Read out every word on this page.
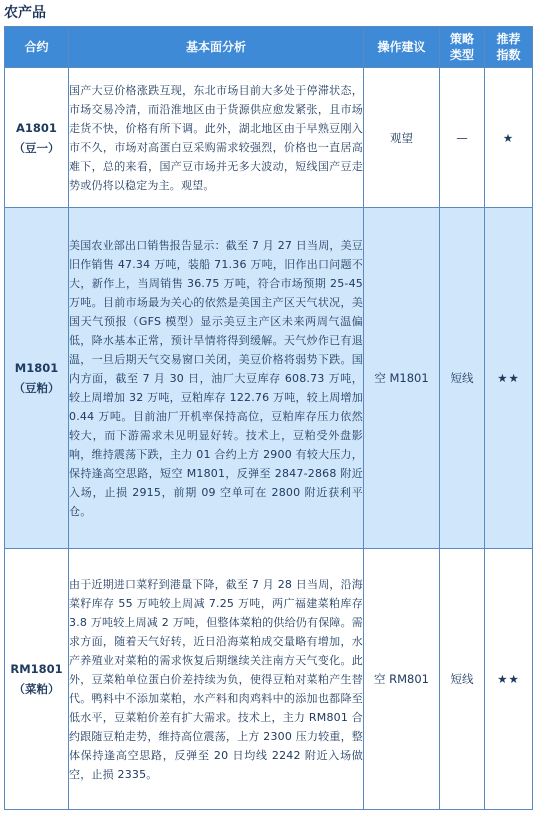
农产品
合约	基本面分析	操作建议	策略类型	推荐指数

A1801
（豆一）	国产大豆价格涨跌互现，东北市场目前大多处于停滞状态，市场交易冷清，而沿淮地区由于货源供应愈发紧张，且市场走货不快，价格有所下调。此外，湖北地区由于早熟豆刚入市不久，市场对高蛋白豆采购需求较强烈，价格也一直居高难下，总的来看，国产豆市场并无多大波动，短线国产豆走势或仍将以稳定为主。观望。	观望	—	★

M1801
（豆粕）	美国农业部出口销售报告显示：截至 7 月 27 日当周，美豆旧作销售 47.34 万吨，装船 71.36 万吨，旧作出口问题不大，新作上，当周销售 36.75 万吨，符合市场预期 25-45 万吨。目前市场最为关心的依然是美国主产区天气状况，美国天气预报（GFS 模型）显示美豆主产区未来两周气温偏低，降水基本正常，预计旱情将得到缓解。天气炒作已有退温，一旦后期天气交易窗口关闭，美豆价格将弱势下跌。国内方面，截至 7 月 30 日，油厂大豆库存 608.73 万吨，较上周增加 32 万吨，豆粕库存 122.76 万吨，较上周增加 0.44 万吨。目前油厂开机率保持高位，豆粕库存压力依然较大，而下游需求未见明显好转。技术上，豆粕受外盘影响，维持震荡下跌，主力 01 合约上方 2900 有较大压力，保持逢高空思路，短空 M1801，反弹至 2847-2868 附近入场，止损 2915，前期 09 空单可在 2800 附近获利平仓。	空 M1801	短线	★★

RM1801
（菜粕）	由于近期进口菜籽到港量下降，截至 7 月 28 日当周，沿海菜籽库存 55 万吨较上周减 7.25 万吨，两广福建菜粕库存 3.8 万吨较上周减 2 万吨，但整体菜粕的供给仍有保障。需求方面，随着天气好转，近日沿海菜粕成交量略有增加，水产养殖业对菜粕的需求恢复后期继续关注南方天气变化。此外，豆菜粕单位蛋白价差持续为负，使得豆粕对菜粕产生替代。鸭料中不添加菜粕，水产料和肉鸡料中的添加也都降至低水平，豆菜粕价差有扩大需求。技术上，主力 RM801 合约跟随豆粕走势，维持高位震荡，上方 2300 压力较重，整体保持逢高空思路，反弹至 20 日均线 2242 附近入场做空，止损 2335。	空 RM801	短线	★★
